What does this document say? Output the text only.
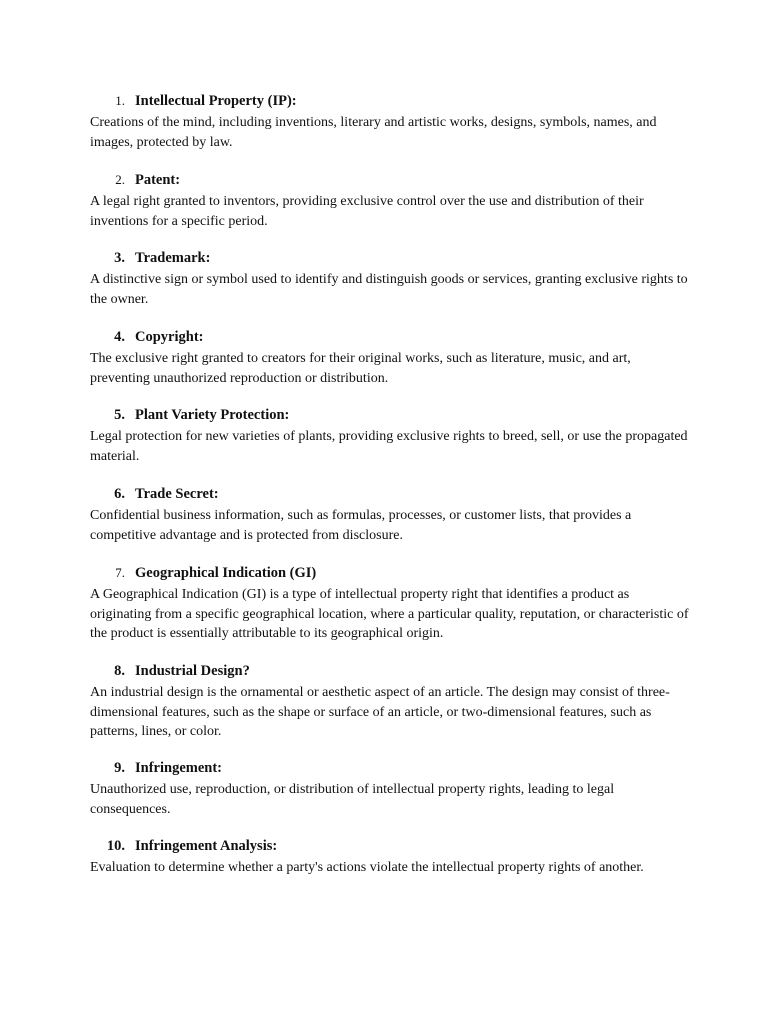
1. Intellectual Property (IP):
Creations of the mind, including inventions, literary and artistic works, designs, symbols, names, and images, protected by law.
2. Patent:
A legal right granted to inventors, providing exclusive control over the use and distribution of their inventions for a specific period.
3. Trademark:
A distinctive sign or symbol used to identify and distinguish goods or services, granting exclusive rights to the owner.
4. Copyright:
The exclusive right granted to creators for their original works, such as literature, music, and art, preventing unauthorized reproduction or distribution.
5. Plant Variety Protection:
Legal protection for new varieties of plants, providing exclusive rights to breed, sell, or use the propagated material.
6. Trade Secret:
Confidential business information, such as formulas, processes, or customer lists, that provides a competitive advantage and is protected from disclosure.
7. Geographical Indication (GI)
A Geographical Indication (GI) is a type of intellectual property right that identifies a product as originating from a specific geographical location, where a particular quality, reputation, or characteristic of the product is essentially attributable to its geographical origin.
8. Industrial Design?
An industrial design is the ornamental or aesthetic aspect of an article. The design may consist of three-dimensional features, such as the shape or surface of an article, or two-dimensional features, such as patterns, lines, or color.
9. Infringement:
Unauthorized use, reproduction, or distribution of intellectual property rights, leading to legal consequences.
10. Infringement Analysis:
Evaluation to determine whether a party's actions violate the intellectual property rights of another.
